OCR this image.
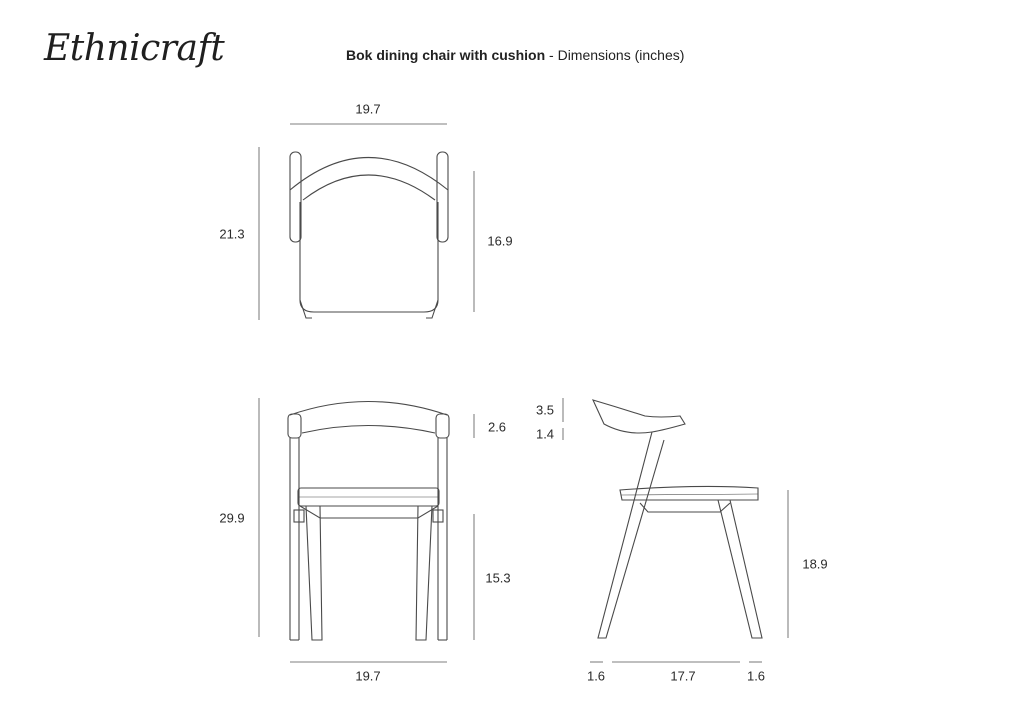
Ethnicraft	Bok dining chair with cushion - Dimensions (inches)
19.7
21.3	16.9
29.9
2.6
15.3
19.7
3.5
1.4
18.9
1.6	17.7	1.6
